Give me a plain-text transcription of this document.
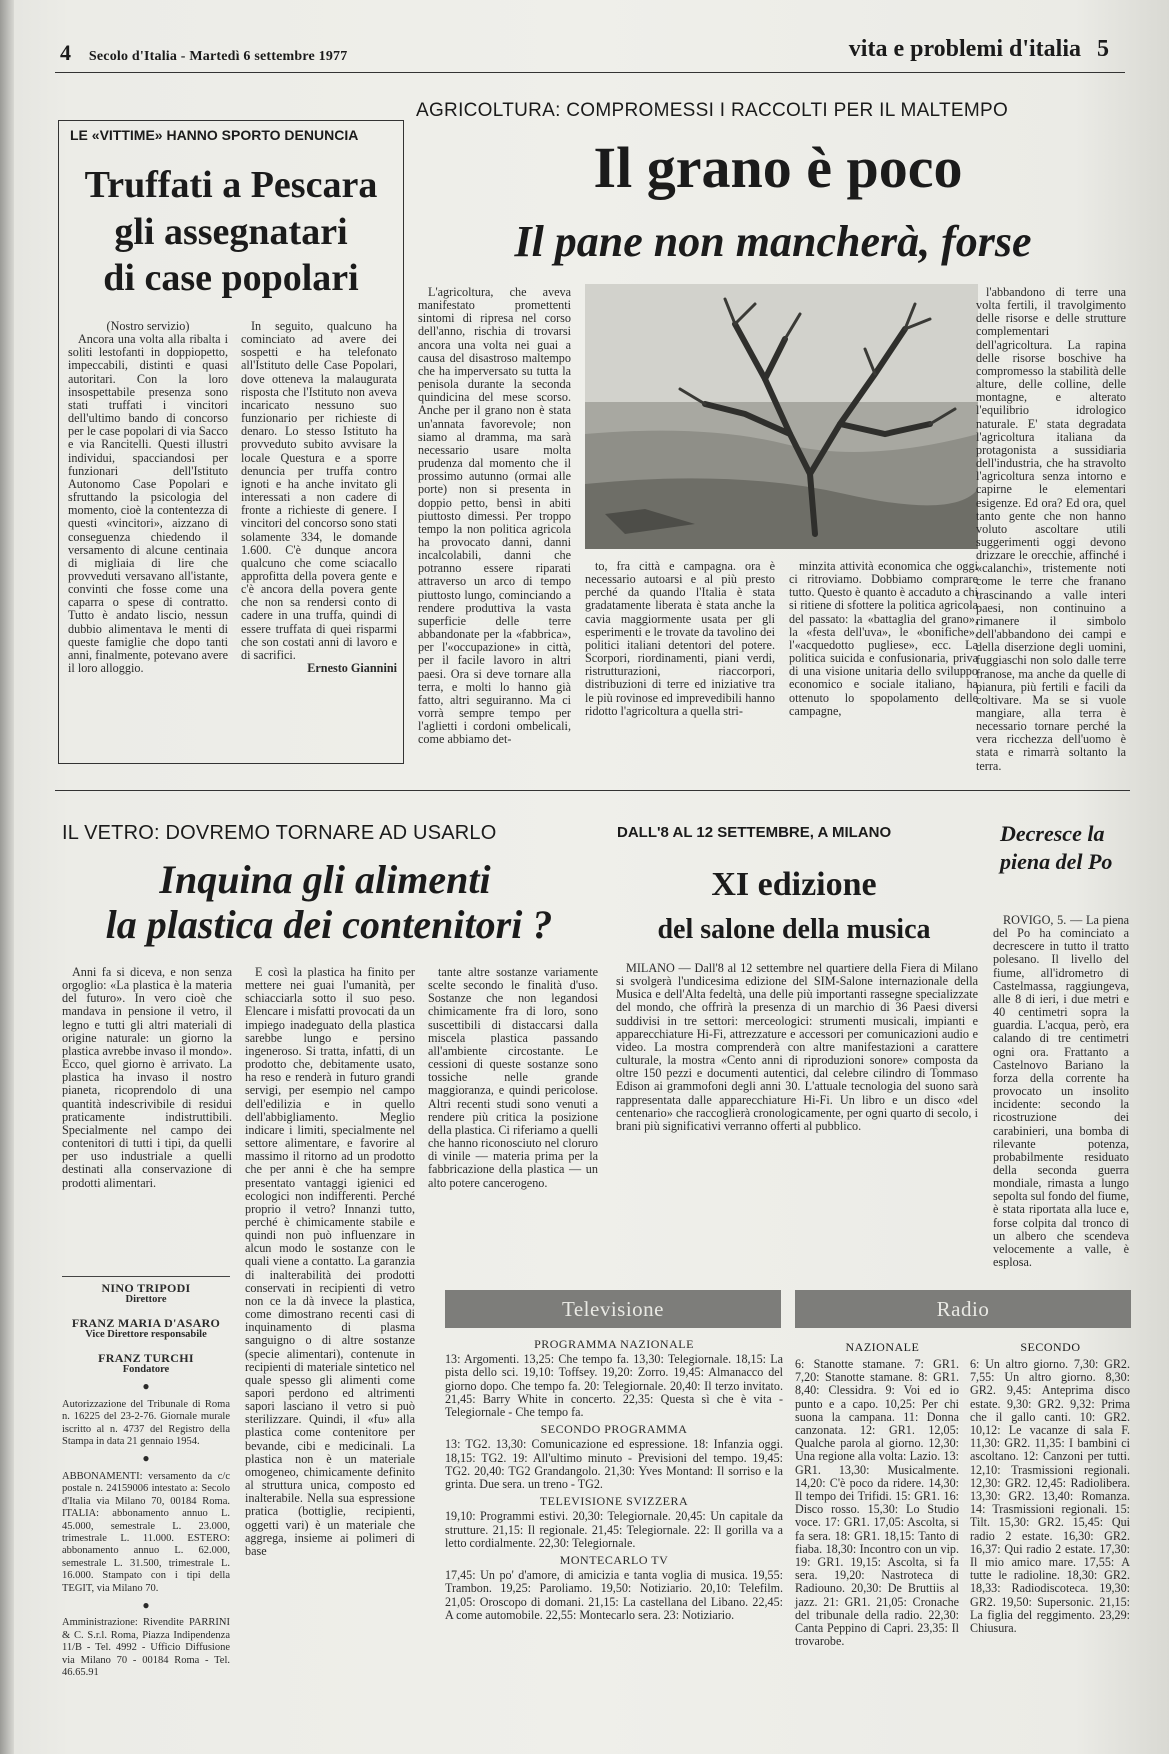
4 Secolo d'Italia - Martedì 6 settembre 1977	vita e problemi d'italia 5
LE «VITTIME» HANNO SPORTO DENUNCIA
Truffati a Pescara
gli assegnatari
di case popolari

(Nostro servizio)

Ancora una volta alla ribalta i soliti lestofanti in doppiopetto, impeccabili, distinti e quasi autoritari. Con la loro insospettabile presenza sono stati truffati i vincitori dell'ultimo bando di concorso per le case popolari di via Sacco e via Rancitelli. Questi illustri individui, spacciandosi per funzionari dell'Istituto Autonomo Case Popolari e sfruttando la psicologia del momento, cioè la contentezza di questi «vincitori», aizzano di conseguenza chiedendo il versamento di alcune centinaia di migliaia di lire che provveduti versavano all'istante, convinti che fosse come una caparra o spese di contratto. Tutto è andato liscio, nessun dubbio alimentava le menti di queste famiglie che dopo tanti anni, finalmente, potevano avere il loro alloggio.

In seguito, qualcuno ha cominciato ad avere dei sospetti e ha telefonato all'Istituto delle Case Popolari, dove otteneva la malaugurata risposta che l'Istituto non aveva incaricato nessuno suo funzionario per richieste di denaro. Lo stesso Istituto ha provveduto subito avvisare la locale Questura e a sporre denuncia per truffa contro ignoti e ha anche invitato gli interessati a non cadere di fronte a richieste di genere. I vincitori del concorso sono stati solamente 334, le domande 1.600. C'è dunque ancora qualcuno che come sciacallo approfitta della povera gente e c'è ancora della povera gente che non sa rendersi conto di cadere in una truffa, quindi di essere truffata di quei risparmi che son costati anni di lavoro e di sacrifici.

Ernesto Giannini

AGRICOLTURA: COMPROMESSI I RACCOLTI PER IL MALTEMPO
Il grano è poco
Il pane non mancherà, forse

L'agricoltura, che aveva manifestato promettenti sintomi di ripresa nel corso dell'anno, rischia di trovarsi ancora una volta nei guai a causa del disastroso maltempo che ha imperversato su tutta la penisola durante la seconda quindicina del mese scorso. Anche per il grano non è stata un'annata favorevole; non siamo al dramma, ma sarà necessario usare molta prudenza dal momento che il prossimo autunno (ormai alle porte) non si presenta in doppio petto, bensì in abiti piuttosto dimessi. Per troppo tempo la non politica agricola ha provocato danni, danni incalcolabili, danni che potranno essere riparati attraverso un arco di tempo piuttosto lungo, cominciando a rendere produttiva la vasta superficie delle terre abbandonate per la «fabbrica», per l'«occupazione» in città, per il facile lavoro in altri paesi. Ora si deve tornare alla terra, e molti lo hanno già fatto, altri seguiranno. Ma ci vorrà sempre tempo per l'aglietti i cordoni ombelicali, come abbiamo det-

to, fra città e campagna. ora è necessario autoarsi e al più presto perché da quando l'Italia è stata gradatamente liberata è stata anche la cavia maggiormente usata per gli esperimenti e le trovate da tavolino dei politici italiani detentori del potere. Scorpori, riordinamenti, piani verdi, ristrutturazioni, riaccorpori, distribuzioni di terre ed iniziative tra le più rovinose ed imprevedibili hanno ridotto l'agricoltura a quella stri-

minzita attività economica che oggi ci ritroviamo. Dobbiamo comprare tutto. Questo è quanto è accaduto a chi si ritiene di sfottere la politica agricola del passato: la «battaglia del grano», la «festa dell'uva», le «bonifiche», l'«acquedotto pugliese», ecc. La politica suicida e confusionaria, priva di una visione unitaria dello sviluppo economico e sociale italiano, ha ottenuto lo spopolamento delle campagne,

l'abbandono di terre una volta fertili, il travolgimento delle risorse e delle strutture complementari dell'agricoltura. La rapina delle risorse boschive ha compromesso la stabilità delle alture, delle colline, delle montagne, e alterato l'equilibrio idrologico naturale. E' stata degradata l'agricoltura italiana da protagonista a sussidiaria dell'industria, che ha stravolto l'agricoltura senza intorno e capirne le elementari esigenze. Ed ora? Ed ora, quel tanto gente che non hanno voluto ascoltare utili suggerimenti oggi devono drizzare le orecchie, affinché i «calanchi», tristemente noti come le terre che franano trascinando a valle interi paesi, non continuino a rimanere il simbolo dell'abbandono dei campi e della diserzione degli uomini, fuggiaschi non solo dalle terre franose, ma anche da quelle di pianura, più fertili e facili da coltivare. Ma se si vuole mangiare, alla terra è necessario tornare perché la vera ricchezza dell'uomo è stata e rimarrà soltanto la terra.

IL VETRO: DOVREMO TORNARE AD USARLO
Inquina gli alimenti
la plastica dei contenitori ?

Anni fa si diceva, e non senza orgoglio: «La plastica è la materia del futuro». In vero cioè che mandava in pensione il vetro, il legno e tutti gli altri materiali di origine naturale: un giorno la plastica avrebbe invaso il mondo». Ecco, quel giorno è arrivato. La plastica ha invaso il nostro pianeta, ricoprendolo di una quantità indescrivibile di residui praticamente indistruttibili. Specialmente nel campo dei contenitori di tutti i tipi, da quelli per uso industriale a quelli destinati alla conservazione di prodotti alimentari.

E così la plastica ha finito per mettere nei guai l'umanità, per schiacciarla sotto il suo peso. Elencare i misfatti provocati da un impiego inadeguato della plastica sarebbe lungo e persino ingeneroso. Si tratta, infatti, di un prodotto che, debitamente usato, ha reso e renderà in futuro grandi servigi, per esempio nel campo dell'edilizia e in quello dell'abbigliamento. Meglio indicare i limiti, specialmente nel settore alimentare, e favorire al massimo il ritorno ad un prodotto che per anni è che ha sempre presentato vantaggi igienici ed ecologici non indifferenti. Perché proprio il vetro? Innanzi tutto, perché è chimicamente stabile e quindi non può influenzare in alcun modo le sostanze con le quali viene a contatto. La garanzia di inalterabilità dei prodotti conservati in recipienti di vetro non ce la dà invece la plastica, come dimostrano recenti casi di inquinamento di plasma sanguigno o di altre sostanze (specie alimentari), contenute in recipienti di materiale sintetico nel quale spesso gli alimenti come sapori perdono ed altrimenti sapori lasciano il vetro si può sterilizzare. Quindi, il «fu» alla plastica come contenitore per bevande, cibi e medicinali. La plastica non è un materiale omogeneo, chimicamente definito al struttura unica, composto ed inalterabile. Nella sua espressione pratica (bottiglie, recipienti, oggetti vari) è un materiale che aggrega, insieme ai polimeri di base

tante altre sostanze variamente scelte secondo le finalità d'uso. Sostanze che non legandosi chimicamente fra di loro, sono suscettibili di distaccarsi dalla miscela plastica passando all'ambiente circostante. Le cessioni di queste sostanze sono tossiche nelle grande maggioranza, e quindi pericolose. Altri recenti studi sono venuti a rendere più critica la posizione della plastica. Ci riferiamo a quelli che hanno riconosciuto nel cloruro di vinile — materia prima per la fabbricazione della plastica — un alto potere cancerogeno.

NINO TRIPODI
Direttore
FRANZ MARIA D'ASARO
Vice Direttore responsabile
FRANZ TURCHI
Fondatore
●
Autorizzazione del Tribunale di Roma n. 16225 del 23-2-76. Giornale murale iscritto al n. 4737 del Registro della Stampa in data 21 gennaio 1954.
●
ABBONAMENTI: versamento da c/c postale n. 24159006 intestato a: Secolo d'Italia via Milano 70, 00184 Roma. ITALIA: abbonamento annuo L. 45.000, semestrale L. 23.000, trimestrale L. 11.000. ESTERO: abbonamento annuo L. 62.000, semestrale L. 31.500, trimestrale L. 16.000. Stampato con i tipi della TEGIT, via Milano 70.
●
Amministrazione: Rivendite PARRINI & C. S.r.l. Roma, Piazza Indipendenza 11/B - Tel. 4992 - Ufficio Diffusione via Milano 70 - 00184 Roma - Tel. 46.65.91
DALL'8 AL 12 SETTEMBRE, A MILANO
XI edizione
del salone della musica

MILANO — Dall'8 al 12 settembre nel quartiere della Fiera di Milano si svolgerà l'undicesima edizione del SIM-Salone internazionale della Musica e dell'Alta fedeltà, una delle più importanti rassegne specializzate del mondo, che offrirà la presenza di un marchio di 36 Paesi diversi suddivisi in tre settori: merceologici: strumenti musicali, impianti e apparecchiature Hi-Fi, attrezzature e accessori per comunicazioni audio e video. La mostra comprenderà con altre manifestazioni a carattere culturale, la mostra «Cento anni di riproduzioni sonore» composta da oltre 150 pezzi e documenti autentici, dal celebre cilindro di Tommaso Edison ai grammofoni degli anni 30. L'attuale tecnologia del suono sarà rappresentata dalle apparecchiature Hi-Fi. Un libro e un disco «del centenario» che raccoglierà cronologicamente, per ogni quarto di secolo, i brani più significativi verranno offerti al pubblico.

Decresce la piena del Po

ROVIGO, 5. — La piena del Po ha cominciato a decrescere in tutto il tratto polesano. Il livello del fiume, all'idrometro di Castelmassa, raggiungeva, alle 8 di ieri, i due metri e 40 centimetri sopra la guardia. L'acqua, però, era calando di tre centimetri ogni ora. Frattanto a Castelnovo Bariano la forza della corrente ha provocato un insolito incidente: secondo la ricostruzione dei carabinieri, una bomba di rilevante potenza, probabilmente residuato della seconda guerra mondiale, rimasta a lungo sepolta sul fondo del fiume, è stata riportata alla luce e, forse colpita dal tronco di un albero che scendeva velocemente a valle, è esplosa.

Televisione
PROGRAMMA NAZIONALE

13: Argomenti. 13,25: Che tempo fa. 13,30: Telegiornale. 18,15: La pista dello sci. 19,10: Toffsey. 19,20: Zorro. 19,45: Almanacco del giorno dopo. Che tempo fa. 20: Telegiornale. 20,40: Il terzo invitato. 21,45: Barry White in concerto. 22,35: Questa sì che è vita - Telegiornale - Che tempo fa.

SECONDO PROGRAMMA

13: TG2. 13,30: Comunicazione ed espressione. 18: Infanzia oggi. 18,15: TG2. 19: All'ultimo minuto - Previsioni del tempo. 19,45: TG2. 20,40: TG2 Grandangolo. 21,30: Yves Montand: Il sorriso e la grinta. Due sera. un treno - TG2.

TELEVISIONE SVIZZERA

19,10: Programmi estivi. 20,30: Telegiornale. 20,45: Un capitale da strutture. 21,15: Il regionale. 21,45: Telegiornale. 22: Il gorilla va a letto cordialmente. 22,30: Telegiornale.

MONTECARLO TV

17,45: Un po' d'amore, di amicizia e tanta voglia di musica. 19,55: Trambon. 19,25: Paroliamo. 19,50: Notiziario. 20,10: Telefilm. 21,05: Oroscopo di domani. 21,15: La castellana del Libano. 22,45: A come automobile. 22,55: Montecarlo sera. 23: Notiziario.

Radio
NAZIONALE	SECONDO

6: Stanotte stamane. 7: GR1. 7,20: Stanotte stamane. 8: GR1. 8,40: Clessidra. 9: Voi ed io punto e a capo. 10,25: Per chi suona la campana. 11: Donna canzonata. 12: GR1. 12,05: Qualche parola al giorno. 12,30: Una regione alla volta: Lazio. 13: GR1. 13,30: Musicalmente. 14,20: C'è poco da ridere. 14,30: Il tempo dei Trifidi. 15: GR1. 16: Disco rosso. 15,30: Lo Studio voce. 17: GR1. 17,05: Ascolta, si fa sera. 18: GR1. 18,15: Tanto di fiaba. 18,30: Incontro con un vip. 19: GR1. 19,15: Ascolta, si fa sera. 19,20: Nastroteca di Radiouno. 20,30: De Bruttiis al jazz. 21: GR1. 21,05: Cronache del tribunale della radio. 22,30: Canta Peppino di Capri. 23,35: Il trovarobe.

6: Un altro giorno. 7,30: GR2. 7,55: Un altro giorno. 8,30: GR2. 9,45: Anteprima disco estate. 9,30: GR2. 9,32: Prima che il gallo canti. 10: GR2. 10,12: Le vacanze di sala F. 11,30: GR2. 11,35: I bambini ci ascoltano. 12: Canzoni per tutti. 12,10: Trasmissioni regionali. 12,30: GR2. 12,45: Radiolibera. 13,30: GR2. 13,40: Romanza. 14: Trasmissioni regionali. 15: Tilt. 15,30: GR2. 15,45: Qui radio 2 estate. 16,30: GR2. 16,37: Qui radio 2 estate. 17,30: Il mio amico mare. 17,55: A tutte le radioline. 18,30: GR2. 18,33: Radiodiscoteca. 19,30: GR2. 19,50: Supersonic. 21,15: La figlia del reggimento. 23,29: Chiusura.
